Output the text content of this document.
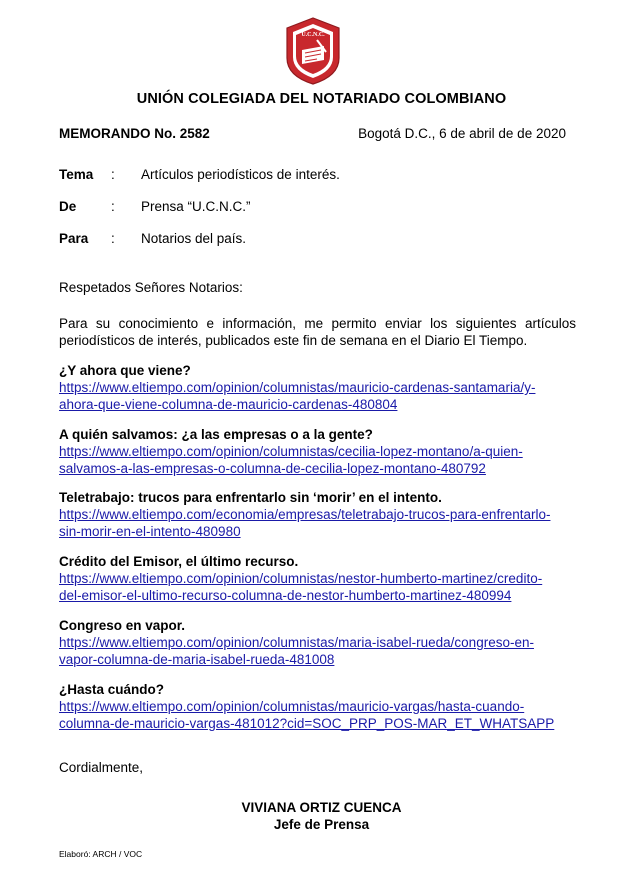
U.C.N.C.
UNIÓN COLEGIADA DEL NOTARIADO COLOMBIANO
MEMORANDO No. 2582	Bogotá D.C., 6 de abril de de 2020
Tema : Artículos periodísticos de interés.
De	: Prensa “U.C.N.C.”
Para : Notarios del país.
Respetados Señores Notarios:
Para su conocimiento e información, me permito enviar los siguientes artículos periodísticos de interés, publicados este fin de semana en el Diario El Tiempo.
¿Y ahora que viene?
https://www.eltiempo.com/opinion/columnistas/mauricio-cardenas-santamaria/y-
ahora-que-viene-columna-de-mauricio-cardenas-480804
A quién salvamos: ¿a las empresas o a la gente?
https://www.eltiempo.com/opinion/columnistas/cecilia-lopez-montano/a-quien-
salvamos-a-las-empresas-o-columna-de-cecilia-lopez-montano-480792
Teletrabajo: trucos para enfrentarlo sin ‘morir’ en el intento.
https://www.eltiempo.com/economia/empresas/teletrabajo-trucos-para-enfrentarlo-
sin-morir-en-el-intento-480980
Crédito del Emisor, el último recurso.
https://www.eltiempo.com/opinion/columnistas/nestor-humberto-martinez/credito-
del-emisor-el-ultimo-recurso-columna-de-nestor-humberto-martinez-480994
Congreso en vapor.
https://www.eltiempo.com/opinion/columnistas/maria-isabel-rueda/congreso-en-
vapor-columna-de-maria-isabel-rueda-481008
¿Hasta cuándo?
https://www.eltiempo.com/opinion/columnistas/mauricio-vargas/hasta-cuando-
columna-de-mauricio-vargas-481012?cid=SOC_PRP_POS-MAR_ET_WHATSAPP
Cordialmente,
VIVIANA ORTIZ CUENCA
Jefe de Prensa
Elaboró: ARCH / VOC
